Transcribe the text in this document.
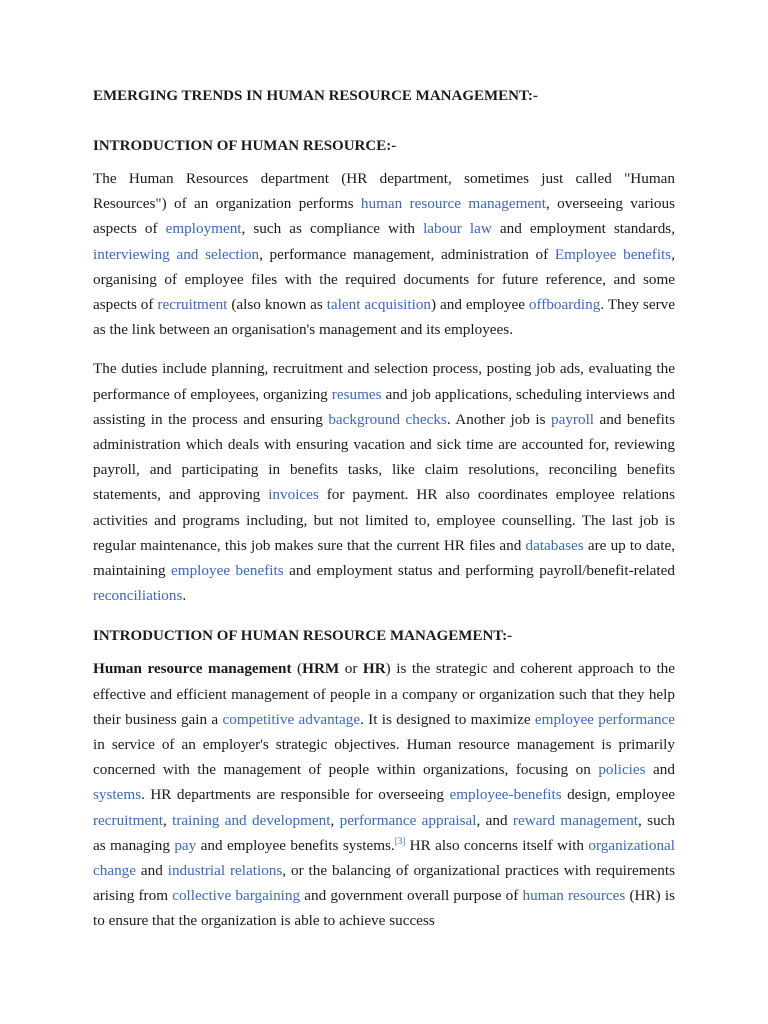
EMERGING TRENDS IN HUMAN RESOURCE MANAGEMENT:-

INTRODUCTION OF HUMAN RESOURCE:-

The Human Resources department (HR department, sometimes just called "Human Resources") of an organization performs human resource management, overseeing various aspects of employment, such as compliance with labour law and employment standards, interviewing and selection, performance management, administration of Employee benefits, organising of employee files with the required documents for future reference, and some aspects of recruitment (also known as talent acquisition) and employee offboarding. They serve as the link between an organisation's management and its employees.

The duties include planning, recruitment and selection process, posting job ads, evaluating the performance of employees, organizing resumes and job applications, scheduling interviews and assisting in the process and ensuring background checks. Another job is payroll and benefits administration which deals with ensuring vacation and sick time are accounted for, reviewing payroll, and participating in benefits tasks, like claim resolutions, reconciling benefits statements, and approving invoices for payment. HR also coordinates employee relations activities and programs including, but not limited to, employee counselling. The last job is regular maintenance, this job makes sure that the current HR files and databases are up to date, maintaining employee benefits and employment status and performing payroll/benefit-related reconciliations.

INTRODUCTION OF HUMAN RESOURCE MANAGEMENT:-

Human resource management (HRM or HR) is the strategic and coherent approach to the effective and efficient management of people in a company or organization such that they help their business gain a competitive advantage. It is designed to maximize employee performance in service of an employer's strategic objectives. Human resource management is primarily concerned with the management of people within organizations, focusing on policies and systems. HR departments are responsible for overseeing employee-benefits design, employee recruitment, training and development, performance appraisal, and reward management, such as managing pay and employee benefits systems.[3] HR also concerns itself with organizational change and industrial relations, or the balancing of organizational practices with requirements arising from collective bargaining and government overall purpose of human resources (HR) is to ensure that the organization is able to achieve success
